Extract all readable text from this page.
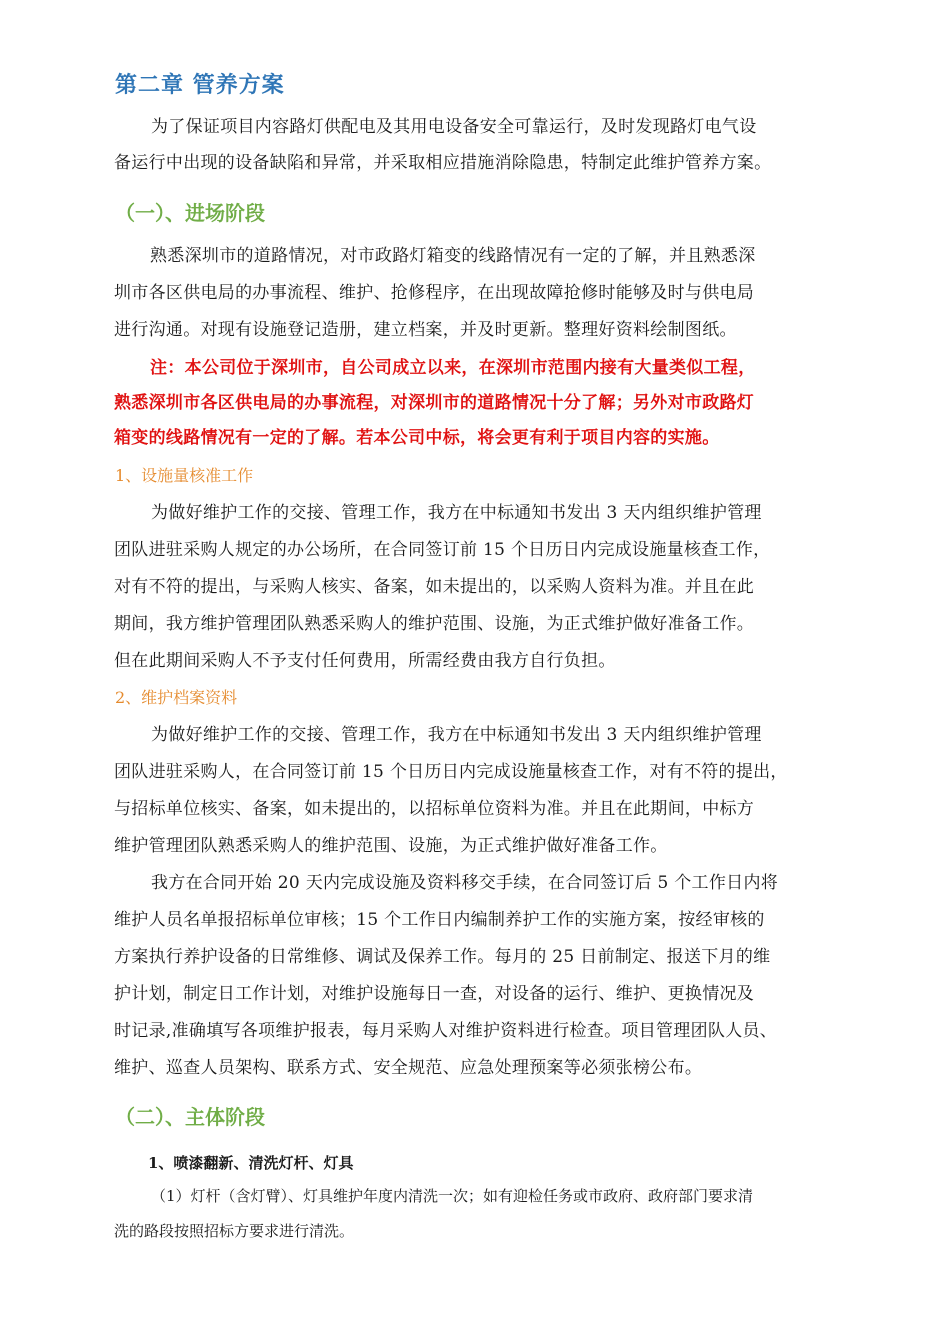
第二章 管养方案
为了保证项目内容路灯供配电及其用电设备安全可靠运行，及时发现路灯电气设
备运行中出现的设备缺陷和异常，并采取相应措施消除隐患，特制定此维护管养方案。
（一）、进场阶段
熟悉深圳市的道路情况，对市政路灯箱变的线路情况有一定的了解，并且熟悉深
圳市各区供电局的办事流程、维护、抢修程序，在出现故障抢修时能够及时与供电局
进行沟通。对现有设施登记造册，建立档案，并及时更新。整理好资料绘制图纸。
注：本公司位于深圳市，自公司成立以来，在深圳市范围内接有大量类似工程，
熟悉深圳市各区供电局的办事流程，对深圳市的道路情况十分了解；另外对市政路灯
箱变的线路情况有一定的了解。若本公司中标，将会更有利于项目内容的实施。
1、设施量核准工作
为做好维护工作的交接、管理工作，我方在中标通知书发出 3 天内组织维护管理
团队进驻采购人规定的办公场所，在合同签订前 15 个日历日内完成设施量核查工作，
对有不符的提出，与采购人核实、备案，如未提出的，以采购人资料为准。并且在此
期间，我方维护管理团队熟悉采购人的维护范围、设施，为正式维护做好准备工作。
但在此期间采购人不予支付任何费用，所需经费由我方自行负担。
2、维护档案资料
为做好维护工作的交接、管理工作，我方在中标通知书发出 3 天内组织维护管理
团队进驻采购人，在合同签订前 15 个日历日内完成设施量核查工作，对有不符的提出，
与招标单位核实、备案，如未提出的，以招标单位资料为准。并且在此期间，中标方
维护管理团队熟悉采购人的维护范围、设施，为正式维护做好准备工作。
我方在合同开始 20 天内完成设施及资料移交手续，在合同签订后 5 个工作日内将
维护人员名单报招标单位审核；15 个工作日内编制养护工作的实施方案，按经审核的
方案执行养护设备的日常维修、调试及保养工作。每月的 25 日前制定、报送下月的维
护计划，制定日工作计划，对维护设施每日一查，对设备的运行、维护、更换情况及
时记录,准确填写各项维护报表，每月采购人对维护资料进行检查。项目管理团队人员、
维护、巡查人员架构、联系方式、安全规范、应急处理预案等必须张榜公布。
（二）、主体阶段
1、喷漆翻新、清洗灯杆、灯具
（1）灯杆（含灯臂）、灯具维护年度内清洗一次；如有迎检任务或市政府、政府部门要求清
洗的路段按照招标方要求进行清洗。
